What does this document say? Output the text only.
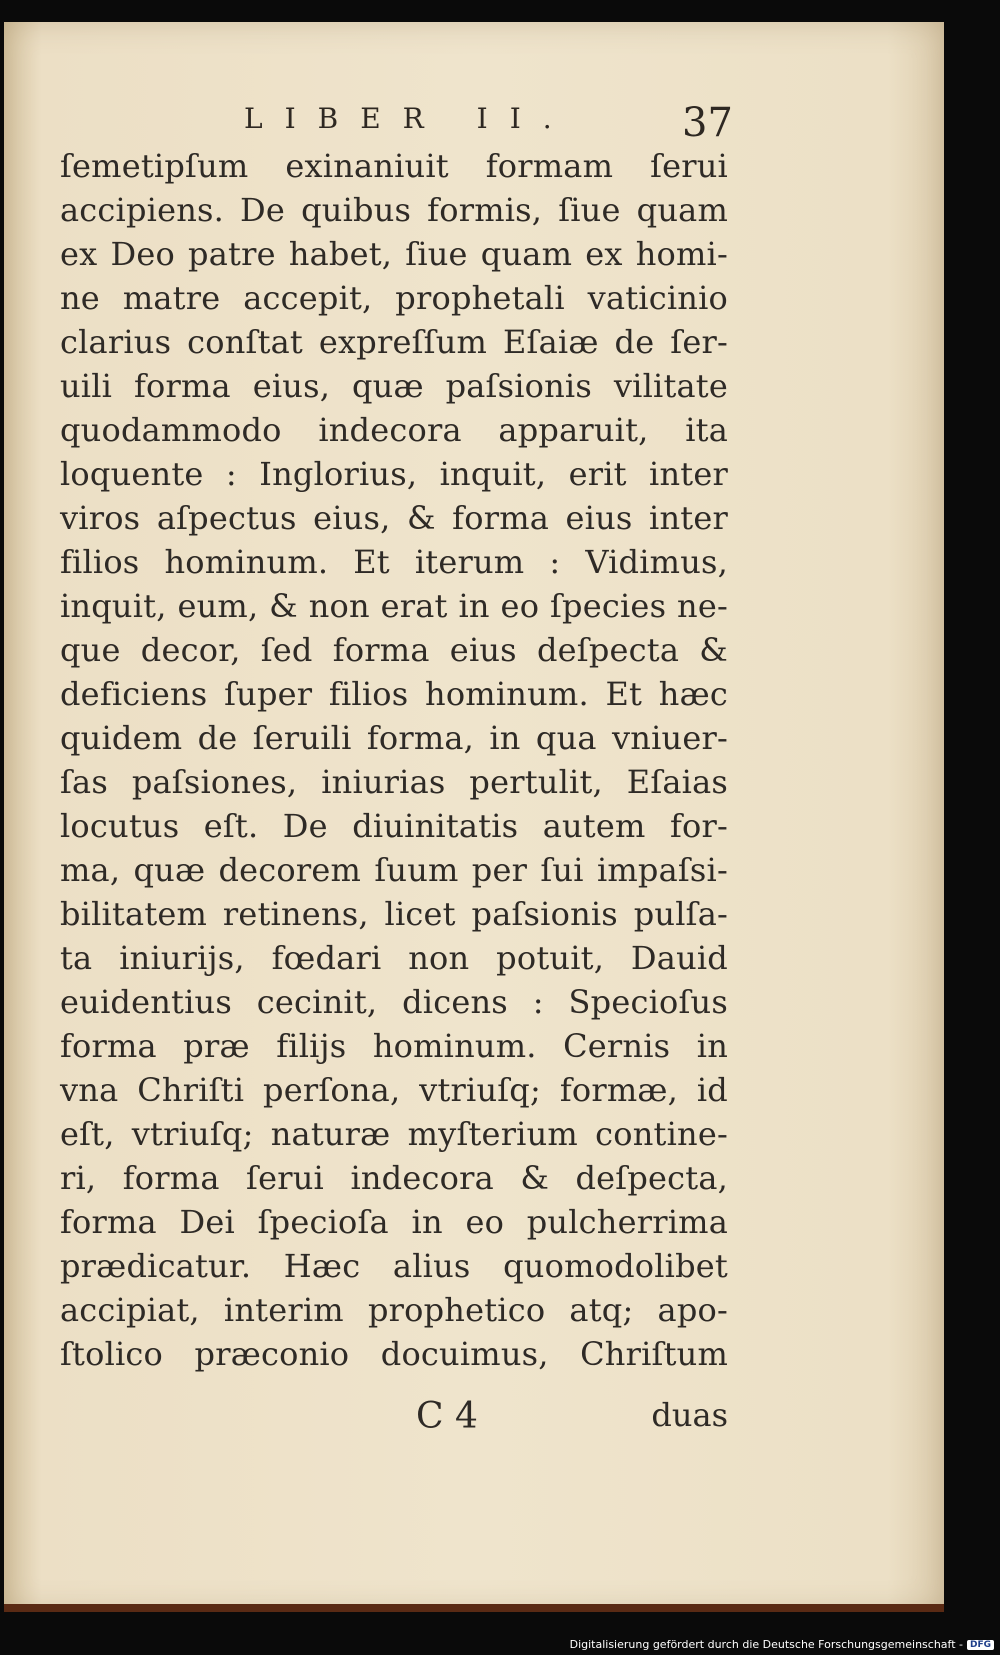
LIBER II.	37
ſemetipſum exinaniuit formam ſerui
accipiens. De quibus formis, ſiue quam
ex Deo patre habet, ſiue quam ex homi-
ne matre accepit, prophetali vaticinio
clarius conſtat expreſſum Eſaiæ de ſer-
uili forma eius, quæ paſsionis vilitate
quodammodo indecora apparuit, ita
loquente : Inglorius, inquit, erit inter
viros aſpectus eius, & forma eius inter
filios hominum. Et iterum : Vidimus,
inquit, eum, & non erat in eo ſpecies ne-
que decor, ſed forma eius deſpecta &
deficiens ſuper filios hominum. Et hæc
quidem de ſeruili forma, in qua vniuer-
ſas paſsiones, iniurias pertulit, Eſaias
locutus eſt. De diuinitatis autem for-
ma, quæ decorem ſuum per ſui impaſsi-
bilitatem retinens, licet paſsionis pulſa-
ta iniurijs, fœdari non potuit, Dauid
euidentius cecinit, dicens : Specioſus
forma præ filijs hominum. Cernis in
vna Chriſti perſona, vtriuſq; formæ, id
eſt, vtriuſq; naturæ myſterium contine-
ri, forma ſerui indecora & deſpecta,
forma Dei ſpecioſa in eo pulcherrima
prædicatur. Hæc alius quomodolibet
accipiat, interim prophetico atq; apo-
ſtolico præconio docuimus, Chriſtum
C 4	duas
Digitalisierung gefördert durch die Deutsche Forschungsgemeinschaft - DFG
